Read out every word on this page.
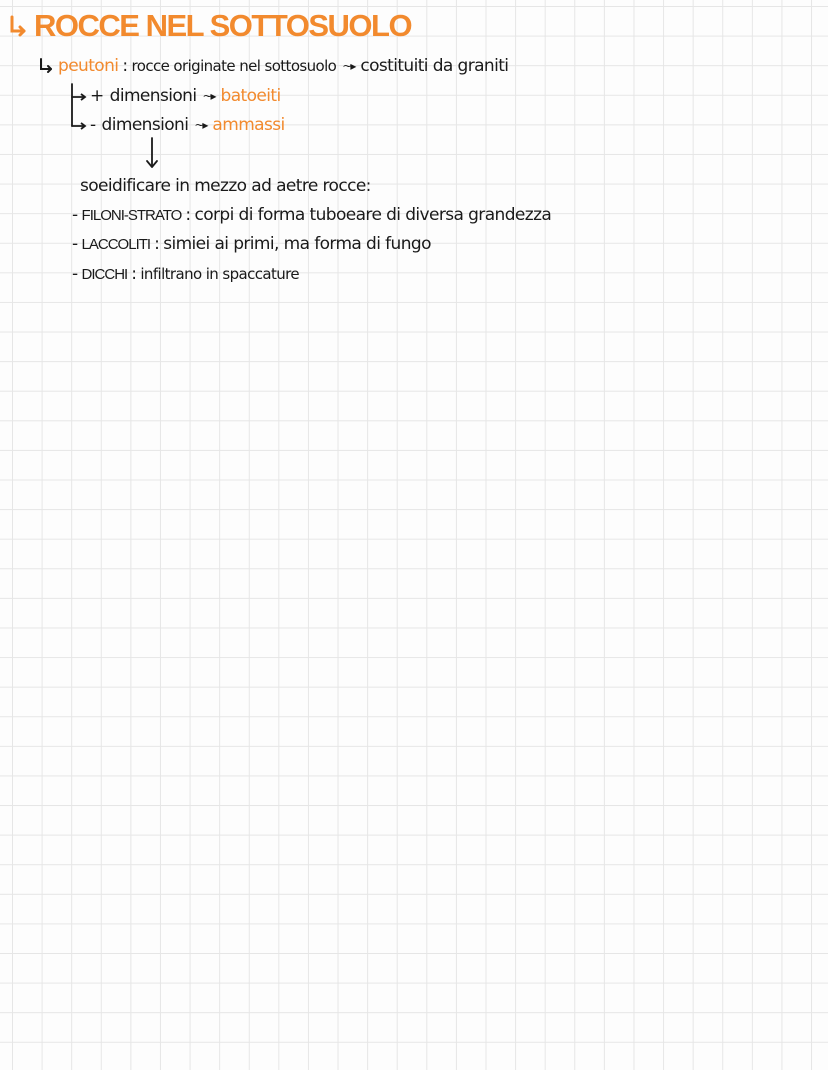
ROCCE NEL SOTTOSUOLO
peutoni : rocce originate nel sottosuolo ~▸ costituiti da graniti
+ dimensioni ~▸ batoeiti
- dimensioni ~▸ ammassi
soeidificare in mezzo ad aetre rocce:
- FILONI-STRATO : corpi di forma tuboeare di diversa grandezza
- LACCOLITI : simiei ai primi, ma forma di fungo
- DICCHI : infiltrano in spaccature
